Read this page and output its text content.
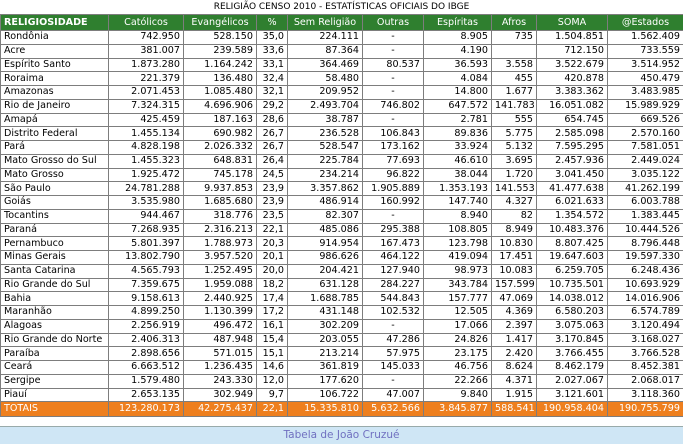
RELIGIÃO CENSO 2010 - ESTATÍSTICAS OFICIAIS DO IBGE
RELIGIOSIDADE	Católicos	Evangélicos	%	Sem Religião	Outras	Espíritas	Afros	SOMA	@Estados
Rondônia	742.950	528.150	35,0	224.111	-	8.905	735	1.504.851	1.562.409
Acre	381.007	239.589	33,6	87.364	-	4.190		712.150	733.559
Espírito Santo	1.873.280	1.164.242	33,1	364.469	80.537	36.593	3.558	3.522.679	3.514.952
Roraima	221.379	136.480	32,4	58.480	-	4.084	455	420.878	450.479
Amazonas	2.071.453	1.085.480	32,1	209.952	-	14.800	1.677	3.383.362	3.483.985
Rio de Janeiro	7.324.315	4.696.906	29,2	2.493.704	746.802	647.572	141.783	16.051.082	15.989.929
Amapá	425.459	187.163	28,6	38.787	-	2.781	555	654.745	669.526
Distrito Federal	1.455.134	690.982	26,7	236.528	106.843	89.836	5.775	2.585.098	2.570.160
Pará	4.828.198	2.026.332	26,7	528.547	173.162	33.924	5.132	7.595.295	7.581.051
Mato Grosso do Sul	1.455.323	648.831	26,4	225.784	77.693	46.610	3.695	2.457.936	2.449.024
Mato Grosso	1.925.472	745.178	24,5	234.214	96.822	38.044	1.720	3.041.450	3.035.122
São Paulo	24.781.288	9.937.853	23,9	3.357.862	1.905.889	1.353.193	141.553	41.477.638	41.262.199
Goiás	3.535.980	1.685.680	23,9	486.914	160.992	147.740	4.327	6.021.633	6.003.788
Tocantins	944.467	318.776	23,5	82.307	-	8.940	82	1.354.572	1.383.445
Paraná	7.268.935	2.316.213	22,1	485.086	295.388	108.805	8.949	10.483.376	10.444.526
Pernambuco	5.801.397	1.788.973	20,3	914.954	167.473	123.798	10.830	8.807.425	8.796.448
Minas Gerais	13.802.790	3.957.520	20,1	986.626	464.122	419.094	17.451	19.647.603	19.597.330
Santa Catarina	4.565.793	1.252.495	20,0	204.421	127.940	98.973	10.083	6.259.705	6.248.436
Rio Grande do Sul	7.359.675	1.959.088	18,2	631.128	284.227	343.784	157.599	10.735.501	10.693.929
Bahia	9.158.613	2.440.925	17,4	1.688.785	544.843	157.777	47.069	14.038.012	14.016.906
Maranhão	4.899.250	1.130.399	17,2	431.148	102.532	12.505	4.369	6.580.203	6.574.789
Alagoas	2.256.919	496.472	16,1	302.209	-	17.066	2.397	3.075.063	3.120.494
Rio Grande do Norte	2.406.313	487.948	15,4	203.055	47.286	24.826	1.417	3.170.845	3.168.027
Paraíba	2.898.656	571.015	15,1	213.214	57.975	23.175	2.420	3.766.455	3.766.528
Ceará	6.663.512	1.236.435	14,6	361.819	145.033	46.756	8.624	8.462.179	8.452.381
Sergipe	1.579.480	243.330	12,0	177.620	-	22.266	4.371	2.027.067	2.068.017
Piauí	2.653.135	302.949	9,7	106.722	47.007	9.840	1.915	3.121.601	3.118.360
TOTAIS	123.280.173	42.275.437	22,1	15.335.810	5.632.566	3.845.877	588.541	190.958.404	190.755.799
Tabela de João Cruzué
